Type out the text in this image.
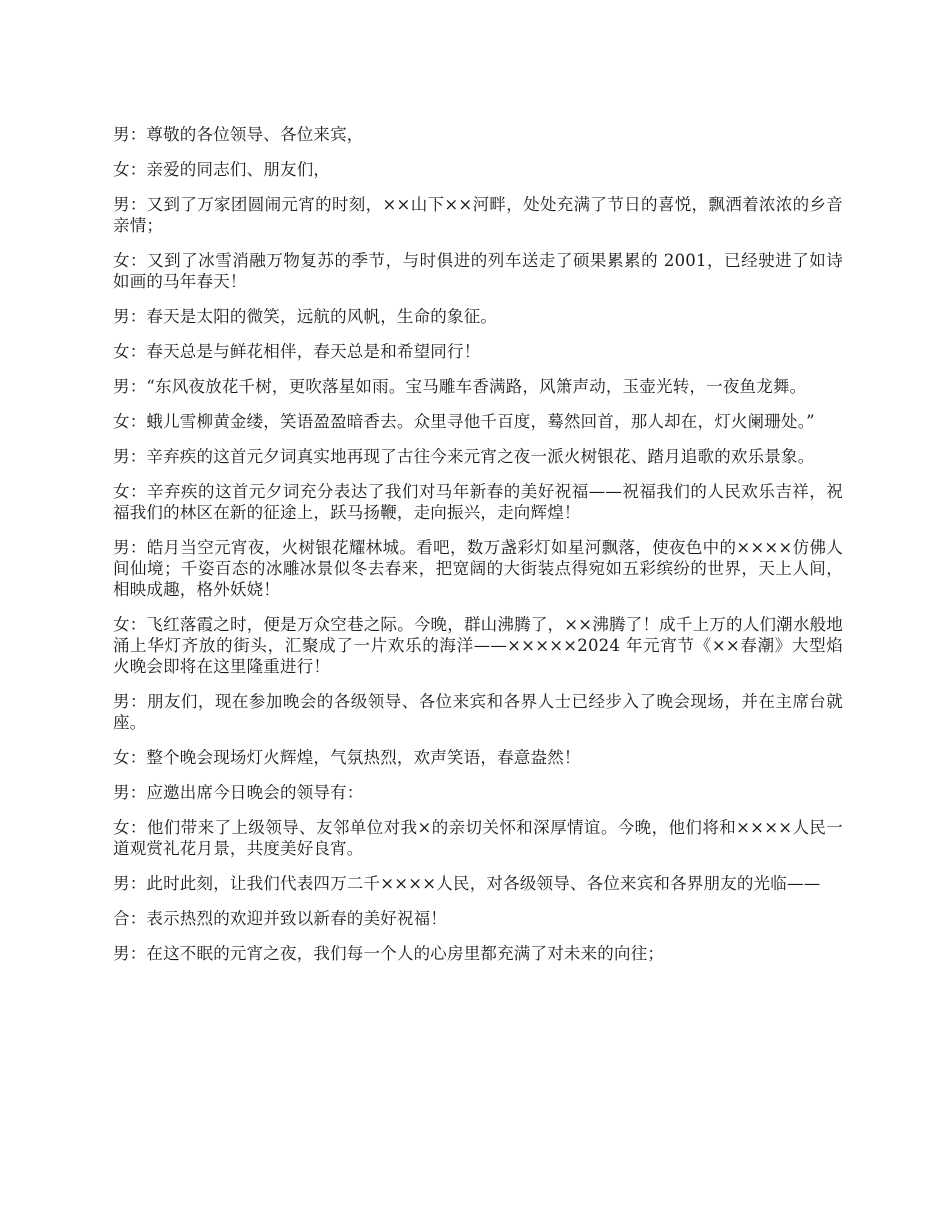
男：尊敬的各位领导、各位来宾，

女：亲爱的同志们、朋友们，

男：又到了万家团圆闹元宵的时刻，××山下××河畔，处处充满了节日的喜悦，飘洒着浓浓的乡音亲情；

女：又到了冰雪消融万物复苏的季节，与时俱进的列车送走了硕果累累的 2001，已经驶进了如诗如画的马年春天！

男：春天是太阳的微笑，远航的风帆，生命的象征。

女：春天总是与鲜花相伴，春天总是和希望同行！

男：“东风夜放花千树，更吹落星如雨。宝马雕车香满路，风箫声动，玉壶光转，一夜鱼龙舞。

女：蛾儿雪柳黄金缕，笑语盈盈暗香去。众里寻他千百度，蓦然回首，那人却在，灯火阑珊处。”

男：辛弃疾的这首元夕词真实地再现了古往今来元宵之夜一派火树银花、踏月追歌的欢乐景象。

女：辛弃疾的这首元夕词充分表达了我们对马年新春的美好祝福——祝福我们的人民欢乐吉祥，祝福我们的林区在新的征途上，跃马扬鞭，走向振兴，走向辉煌！

男：皓月当空元宵夜，火树银花耀林城。看吧，数万盏彩灯如星河飘落，使夜色中的××××仿佛人间仙境；千姿百态的冰雕冰景似冬去春来，把宽阔的大街装点得宛如五彩缤纷的世界，天上人间，相映成趣，格外妖娆！

女：飞红落霞之时，便是万众空巷之际。今晚，群山沸腾了，××沸腾了！成千上万的人们潮水般地涌上华灯齐放的街头，汇聚成了一片欢乐的海洋——×××××2024 年元宵节《××春潮》大型焰火晚会即将在这里隆重进行！

男：朋友们，现在参加晚会的各级领导、各位来宾和各界人士已经步入了晚会现场，并在主席台就座。

女：整个晚会现场灯火辉煌，气氛热烈，欢声笑语，春意盎然！

男：应邀出席今日晚会的领导有：

女：他们带来了上级领导、友邻单位对我×的亲切关怀和深厚情谊。今晚，他们将和××××人民一道观赏礼花月景，共度美好良宵。

男：此时此刻，让我们代表四万二千××××人民，对各级领导、各位来宾和各界朋友的光临——

合：表示热烈的欢迎并致以新春的美好祝福！

男：在这不眠的元宵之夜，我们每一个人的心房里都充满了对未来的向往；
